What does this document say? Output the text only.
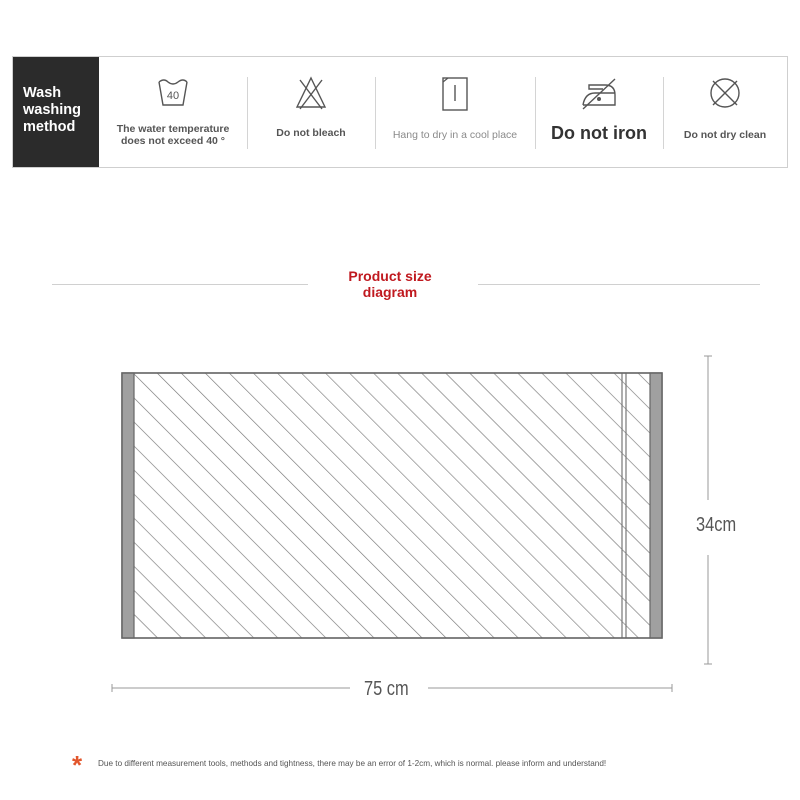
Wash
washing
method
40
The water temperature
does not exceed 40 °
Do not bleach	Hang to dry in a cool place	Do not iron	Do not dry clean
Product size
diagram
34cm
75 cm
* Due to different measurement tools, methods and tightness, there may be an error of 1-2cm, which is normal. please inform and understand!
